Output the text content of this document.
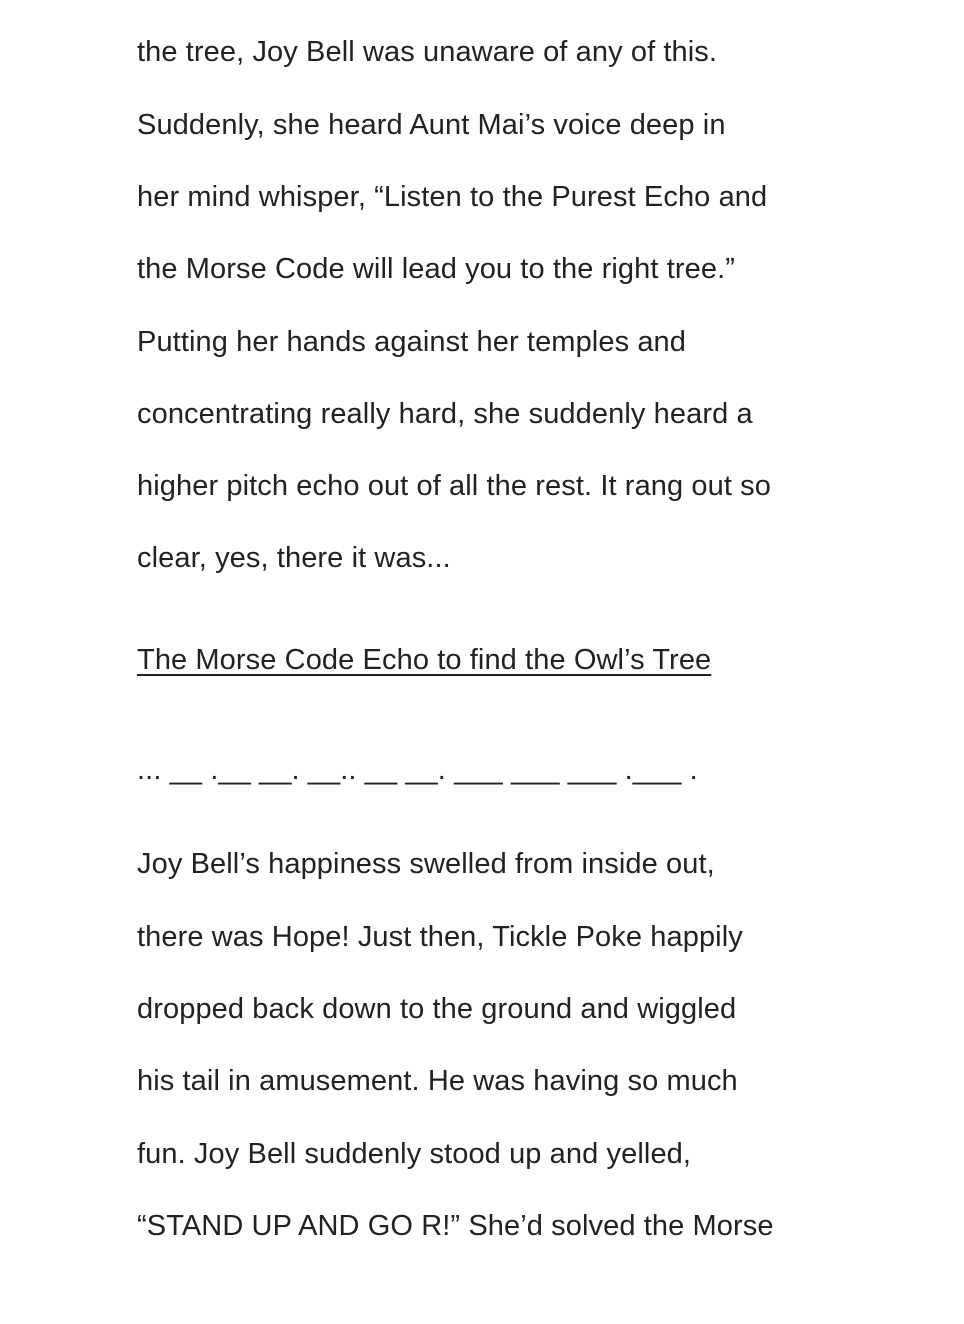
the tree, Joy Bell was unaware of any of this.

Suddenly, she heard Aunt Mai’s voice deep in

her mind whisper, “Listen to the Purest Echo and

the Morse Code will lead you to the right tree.”

Putting her hands against her temples and

concentrating really hard, she suddenly heard a

higher pitch echo out of all the rest. It rang out so

clear, yes, there it was...

The Morse Code Echo to find the Owl’s Tree

... __ .__ __. __.. __ __. ___ ___ ___ .___ .

Joy Bell’s happiness swelled from inside out,

there was Hope! Just then, Tickle Poke happily

dropped back down to the ground and wiggled

his tail in amusement. He was having so much

fun. Joy Bell suddenly stood up and yelled,

“STAND UP AND GO R!” She’d solved the Morse
